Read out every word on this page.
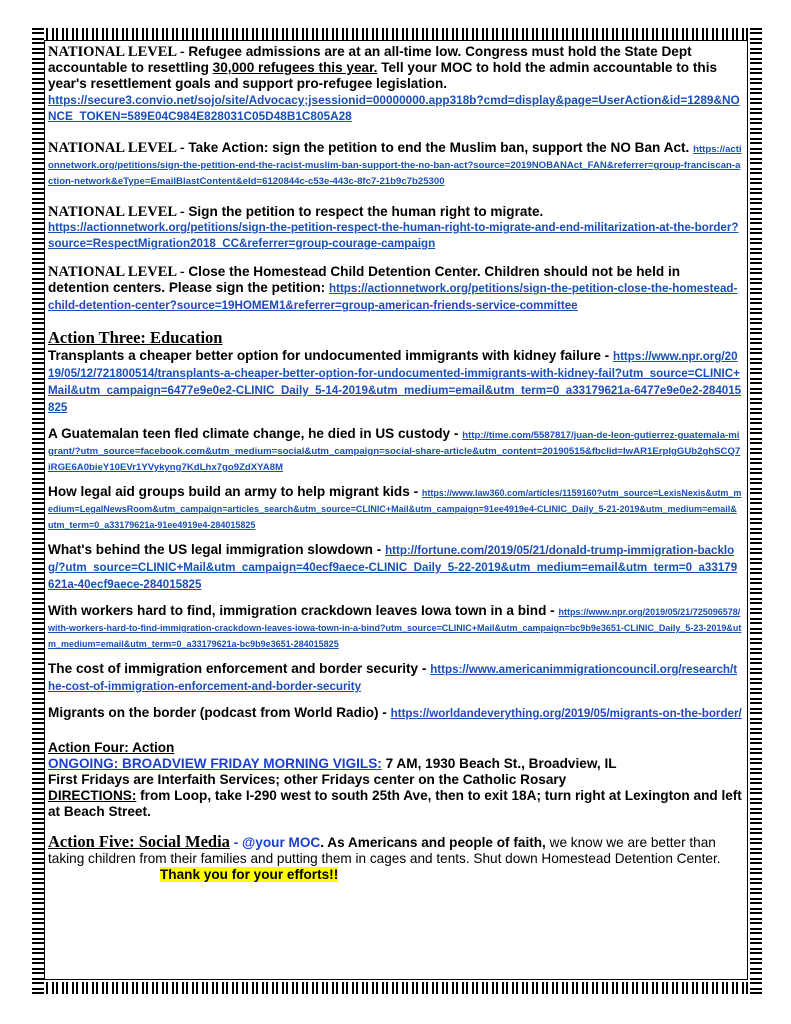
NATIONAL LEVEL - Refugee admissions are at an all-time low. Congress must hold the State Dept accountable to resettling 30,000 refugees this year. Tell your MOC to hold the admin accountable to this year's resettlement goals and support pro-refugee legislation.
https://secure3.convio.net/sojo/site/Advocacy;jsessionid=00000000.app318b?cmd=display&page=UserAction&id=1289&NONCE_TOKEN=589E04C984E828031C05D48B1C805A28
NATIONAL LEVEL - Take Action: sign the petition to end the Muslim ban, support the NO Ban Act. https://actionnetwork.org/petitions/sign-the-petition-end-the-racist-muslim-ban-support-the-no-ban-act?source=2019NOBANAct_FAN&referrer=group-franciscan-action-network&eType=EmailBlastContent&eId=6120844c-c53e-443c-8fc7-21b9c7b25300
NATIONAL LEVEL - Sign the petition to respect the human right to migrate.
https://actionnetwork.org/petitions/sign-the-petition-respect-the-human-right-to-migrate-and-end-militarization-at-the-border?source=RespectMigration2018_CC&referrer=group-courage-campaign
NATIONAL LEVEL - Close the Homestead Child Detention Center. Children should not be held in detention centers. Please sign the petition: https://actionnetwork.org/petitions/sign-the-petition-close-the-homestead-child-detention-center?source=19HOMEM1&referrer=group-american-friends-service-committee
Action Three: Education
Transplants a cheaper better option for undocumented immigrants with kidney failure - https://www.npr.org/2019/05/12/721800514/transplants-a-cheaper-better-option-for-undocumented-immigrants-with-kidney-fail?utm_source=CLINIC+Mail&utm_campaign=6477e9e0e2-CLINIC_Daily_5-14-2019&utm_medium=email&utm_term=0_a33179621a-6477e9e0e2-284015825
A Guatemalan teen fled climate change, he died in US custody - http://time.com/5587817/juan-de-leon-gutierrez-guatemala-migrant/?utm_source=facebook.com&utm_medium=social&utm_campaign=social-share-article&utm_content=20190515&fbclid=IwAR1ErplgGUb2ghSCQ7iRGE6A0bieY10EVr1YVykyng7KdLhx7go9ZdXYA8M
How legal aid groups build an army to help migrant kids - https://www.law360.com/articles/1159160?utm_source=LexisNexis&utm_medium=LegalNewsRoom&utm_campaign=articles_search&utm_source=CLINIC+Mail&utm_campaign=91ee4919e4-CLINIC_Daily_5-21-2019&utm_medium=email&utm_term=0_a33179621a-91ee4919e4-284015825
What's behind the US legal immigration slowdown - http://fortune.com/2019/05/21/donald-trump-immigration-backlog/?utm_source=CLINIC+Mail&utm_campaign=40ecf9aece-CLINIC_Daily_5-22-2019&utm_medium=email&utm_term=0_a33179621a-40ecf9aece-284015825
With workers hard to find, immigration crackdown leaves Iowa town in a bind - https://www.npr.org/2019/05/21/725096578/with-workers-hard-to-find-immigration-crackdown-leaves-iowa-town-in-a-bind?utm_source=CLINIC+Mail&utm_campaign=bc9b9e3651-CLINIC_Daily_5-23-2019&utm_medium=email&utm_term=0_a33179621a-bc9b9e3651-284015825
The cost of immigration enforcement and border security - https://www.americanimmigrationcouncil.org/research/the-cost-of-immigration-enforcement-and-border-security
Migrants on the border (podcast from World Radio) - https://worldandeverything.org/2019/05/migrants-on-the-border/
Action Four: Action
ONGOING: BROADVIEW FRIDAY MORNING VIGILS: 7 AM, 1930 Beach St., Broadview, IL
First Fridays are Interfaith Services; other Fridays center on the Catholic Rosary
DIRECTIONS: from Loop, take I-290 west to south 25th Ave, then to exit 18A; turn right at Lexington and left at Beach Street.
Action Five: Social Media - @your MOC. As Americans and people of faith, we know we are better than taking children from their families and putting them in cages and tents. Shut down Homestead Detention Center.Thank you for your efforts!!
